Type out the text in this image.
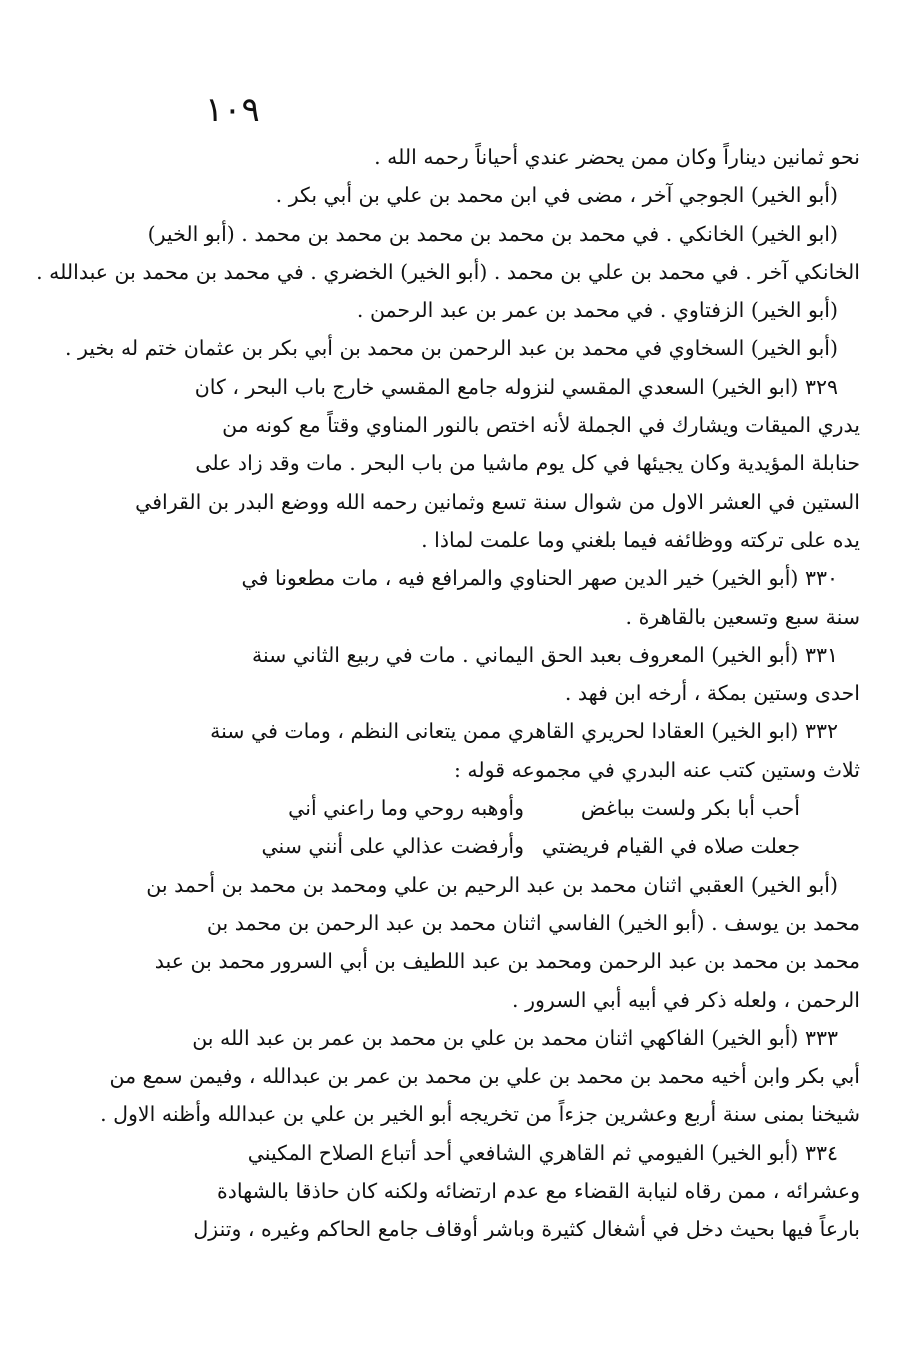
١٠٩
نحو ثمانين ديناراً وكان ممن يحضر عندي أحياناً رحمه الله .
(أبو الخير) الجوجي آخر ، مضى في ابن محمد بن علي بن أبي بكر .
(ابو الخير) الخانكي . في محمد بن محمد بن محمد بن محمد بن محمد . (أبو الخير)
الخانكي آخر . في محمد بن علي بن محمد . (أبو الخير) الخضري . في محمد بن محمد بن عبدالله .
(أبو الخير) الزفتاوي . في محمد بن عمر بن عبد الرحمن .
(أبو الخير) السخاوي في محمد بن عبد الرحمن بن محمد بن أبي بكر بن عثمان ختم له بخير .
٣٢٩ (ابو الخير) السعدي المقسي لنزوله جامع المقسي خارج باب البحر ، كان
يدري الميقات ويشارك في الجملة لأنه اختص بالنور المناوي وقتاً مع كونه من
حنابلة المؤيدية وكان يجيئها في كل يوم ماشيا من باب البحر . مات وقد زاد على
الستين في العشر الاول من شوال سنة تسع وثمانين رحمه الله ووضع البدر بن القرافي
يده على تركته ووظائفه فيما بلغني وما علمت لماذا .
٣٣٠ (أبو الخير) خير الدين صهر الحناوي والمرافع فيه ، مات مطعونا في
سنة سبع وتسعين بالقاهرة .
٣٣١ (أبو الخير) المعروف بعبد الحق اليماني . مات في ربيع الثاني سنة
احدى وستين بمكة ، أرخه ابن فهد .
٣٣٢ (ابو الخير) العقادا لحريري القاهري ممن يتعانى النظم ، ومات في سنة
ثلاث وستين كتب عنه البدري في مجموعه قوله :
أحب أبا بكر ولست بباغض
وأوهبه روحي وما راعني أني
جعلت صلاه في القيام فريضتي
وأرفضت عذالي على أنني سني
(أبو الخير) العقبي اثنان محمد بن عبد الرحيم بن علي ومحمد بن محمد بن أحمد بن
محمد بن يوسف . (أبو الخير) الفاسي اثنان محمد بن عبد الرحمن بن محمد بن
محمد بن محمد بن عبد الرحمن ومحمد بن عبد اللطيف بن أبي السرور محمد بن عبد
الرحمن ، ولعله ذكر في أبيه أبي السرور .
٣٣٣ (أبو الخير) الفاكهي اثنان محمد بن علي بن محمد بن عمر بن عبد الله بن
أبي بكر وابن أخيه محمد بن محمد بن علي بن محمد بن عمر بن عبدالله ، وفيمن سمع من
شيخنا بمنى سنة أربع وعشرين جزءاً من تخريجه أبو الخير بن علي بن عبدالله وأظنه الاول .
٣٣٤ (أبو الخير) الفيومي ثم القاهري الشافعي أحد أتباع الصلاح المكيني
وعشرائه ، ممن رقاه لنيابة القضاء مع عدم ارتضائه ولكنه كان حاذقا بالشهادة
بارعاً فيها بحيث دخل في أشغال كثيرة وباشر أوقاف جامع الحاكم وغيره ، وتنزل
